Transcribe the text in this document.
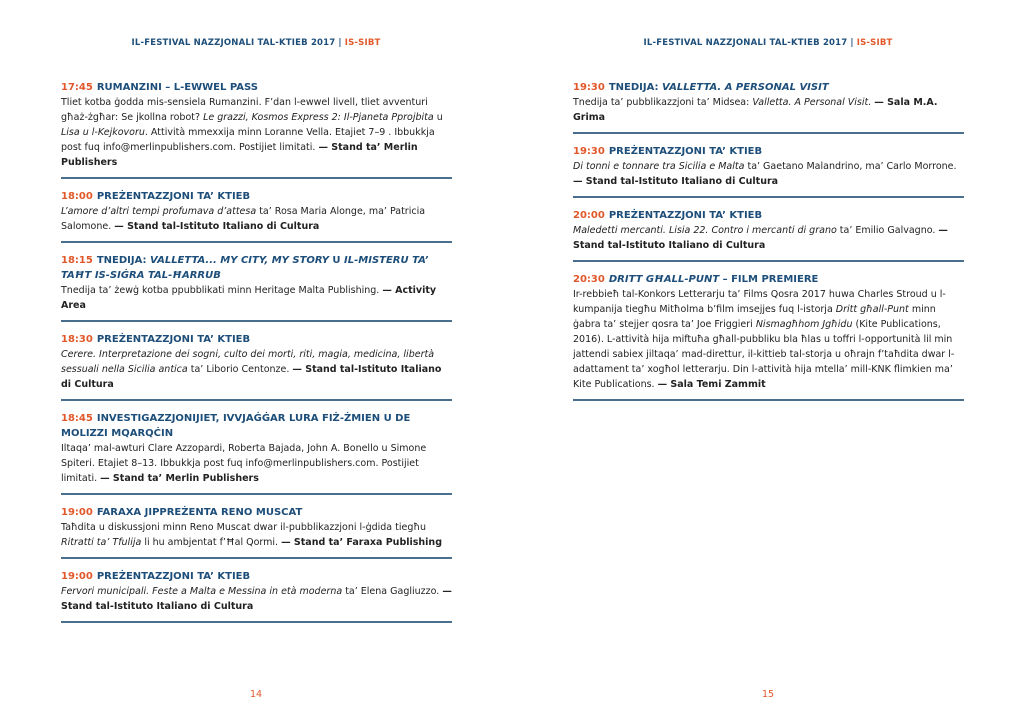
IL-FESTIVAL NAZZJONALI TAL-KTIEB 2017 | IS-SIBT
17:45 RUMANZINI – L-EWWEL PASS
Tliet kotba ġodda mis-sensiela Rumanzini. F’dan l-ewwel livell, tliet avventuri għaż-żgħar: Se jkollna robot? Le grazzi, Kosmos Express 2: Il-Pjaneta Pprojbita u Lisa u l-Kejkovoru. Attività mmexxija minn Loranne Vella. Etajiet 7–9 . Ibbukkja post fuq info@merlinpublishers.com. Postijiet limitati. — Stand ta’ Merlin Publishers
18:00 PREŻENTAZZJONI TA’ KTIEB
L’amore d’altri tempi profumava d’attesa ta’ Rosa Maria Alonge, ma’ Patricia Salomone. — Stand tal-Istituto Italiano di Cultura
18:15 TNEDIJA: VALLETTA... MY CITY, MY STORY U IL-MISTERU TA’ TAĦT IS-SIĠRA TAL-ĦARRUB
Tnedija ta’ żewġ kotba ppubblikati minn Heritage Malta Publishing. — Activity Area
18:30 PREŻENTAZZJONI TA’ KTIEB
Cerere. Interpretazione dei sogni, culto dei morti, riti, magia, medicina, libertà sessuali nella Sicilia antica ta’ Liborio Centonze. — Stand tal-Istituto Italiano di Cultura
18:45 INVESTIGAZZJONIJIET, IVVJAĠĠAR LURA FIŻ-ŻMIEN U DE MOLIZZI MQARQĊIN
Iltaqa’ mal-awturi Clare Azzopardi, Roberta Bajada, John A. Bonello u Simone Spiteri. Etajiet 8–13. Ibbukkja post fuq info@merlinpublishers.com. Postijiet limitati. — Stand ta’ Merlin Publishers
19:00 FARAXA JIPPREŻENTA RENO MUSCAT
Taħdita u diskussjoni minn Reno Muscat dwar il-pubblikazzjoni l-ġdida tiegħu Ritratti ta’ Tfulija li hu ambjentat f’Ħal Qormi. — Stand ta’ Faraxa Publishing
19:00 PREŻENTAZZJONI TA’ KTIEB
Fervori municipali. Feste a Malta e Messina in età moderna ta’ Elena Gagliuzzo. — Stand tal-Istituto Italiano di Cultura
14
IL-FESTIVAL NAZZJONALI TAL-KTIEB 2017 | IS-SIBT
19:30 TNEDIJA: VALLETTA. A PERSONAL VISIT
Tnedija ta’ pubblikazzjoni ta’ Midsea: Valletta. A Personal Visit. — Sala M.A. Grima
19:30 PREŻENTAZZJONI TA’ KTIEB
Di tonni e tonnare tra Sicilia e Malta ta’ Gaetano Malandrino, ma’ Carlo Morrone. — Stand tal-Istituto Italiano di Cultura
20:00 PREŻENTAZZJONI TA’ KTIEB
Maledetti mercanti. Lisia 22. Contro i mercanti di grano ta’ Emilio Galvagno. — Stand tal-Istituto Italiano di Cultura
20:30 DRITT GĦALL-PUNT – FILM PREMIERE
Ir-rebbieħ tal-Konkors Letterarju ta’ Films Qosra 2017 huwa Charles Stroud u l-kumpanija tiegħu Mitħolma b’film imsejjes fuq l-istorja Dritt għall-Punt minn ġabra ta’ stejjer qosra ta’ Joe Friggieri Nismagħhom Jgħidu (Kite Publications, 2016). L-attività hija miftuħa għall-pubbliku bla ħlas u toffri l-opportunità lil min jattendi sabiex jiltaqa’ mad-direttur, il-kittieb tal-storja u oħrajn f’taħdita dwar l-adattament ta’ xogħol letterarju. Din l-attività hija mtella’ mill-KNK flimkien ma’ Kite Publications. — Sala Temi Zammit
15
